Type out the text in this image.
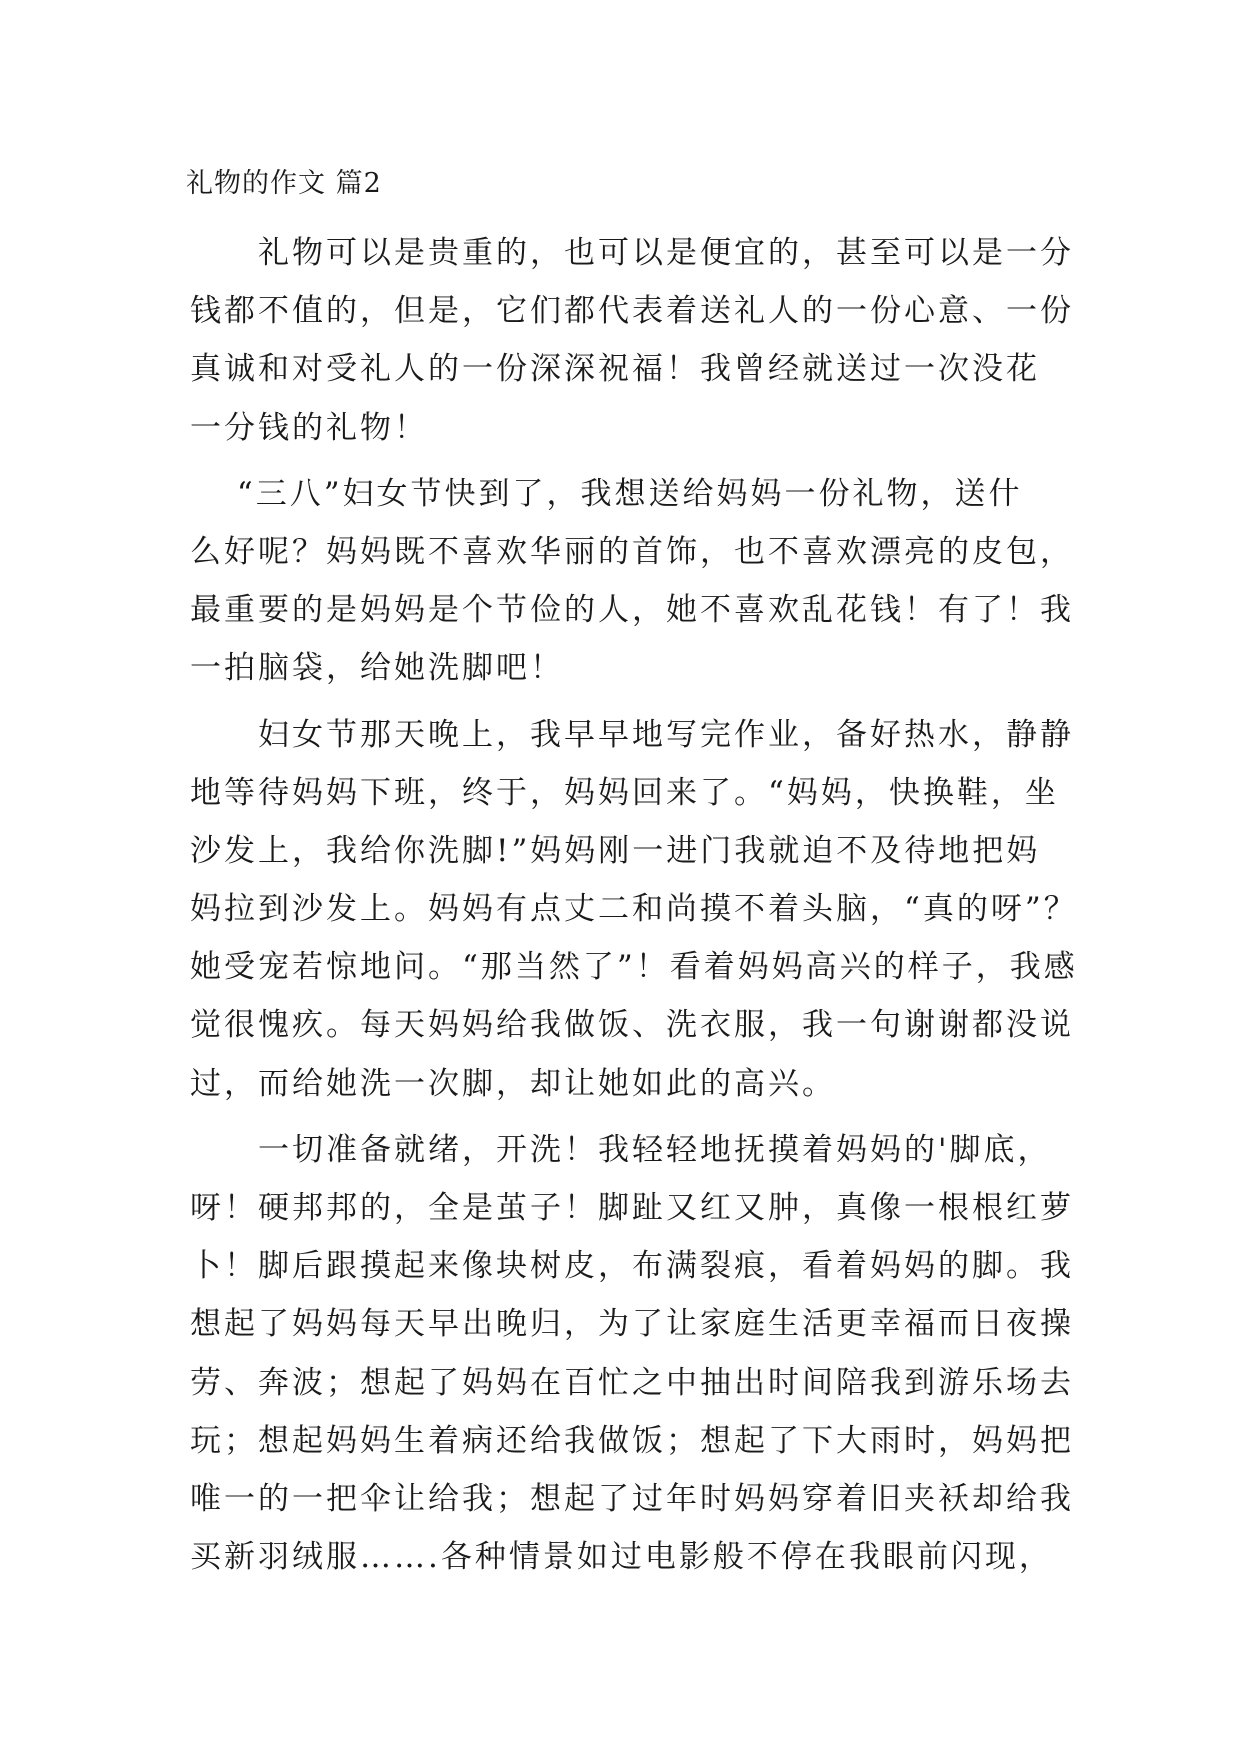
礼物的作文 篇2
　　礼物可以是贵重的，也可以是便宜的，甚至可以是一分
钱都不值的，但是，它们都代表着送礼人的一份心意、一份
真诚和对受礼人的一份深深祝福！我曾经就送过一次没花
一分钱的礼物！
　 “三八”妇女节快到了，我想送给妈妈一份礼物，送什
么好呢？妈妈既不喜欢华丽的首饰，也不喜欢漂亮的皮包，
最重要的是妈妈是个节俭的人，她不喜欢乱花钱！有了！我
一拍脑袋，给她洗脚吧！
　　妇女节那天晚上，我早早地写完作业，备好热水，静静
地等待妈妈下班，终于，妈妈回来了。“妈妈，快换鞋，坐
沙发上，我给你洗脚!”妈妈刚一进门我就迫不及待地把妈
妈拉到沙发上。妈妈有点丈二和尚摸不着头脑，“真的呀”？
她受宠若惊地问。“那当然了”！看着妈妈高兴的样子，我感
觉很愧疚。每天妈妈给我做饭、洗衣服，我一句谢谢都没说
过，而给她洗一次脚，却让她如此的高兴。
　　一切准备就绪，开洗！我轻轻地抚摸着妈妈的'脚底，
呀！硬邦邦的，全是茧子！脚趾又红又肿，真像一根根红萝
卜！脚后跟摸起来像块树皮，布满裂痕，看着妈妈的脚。我
想起了妈妈每天早出晚归，为了让家庭生活更幸福而日夜操
劳、奔波；想起了妈妈在百忙之中抽出时间陪我到游乐场去
玩；想起妈妈生着病还给我做饭；想起了下大雨时，妈妈把
唯一的一把伞让给我；想起了过年时妈妈穿着旧夹袄却给我
买新羽绒服…….各种情景如过电影般不停在我眼前闪现，
